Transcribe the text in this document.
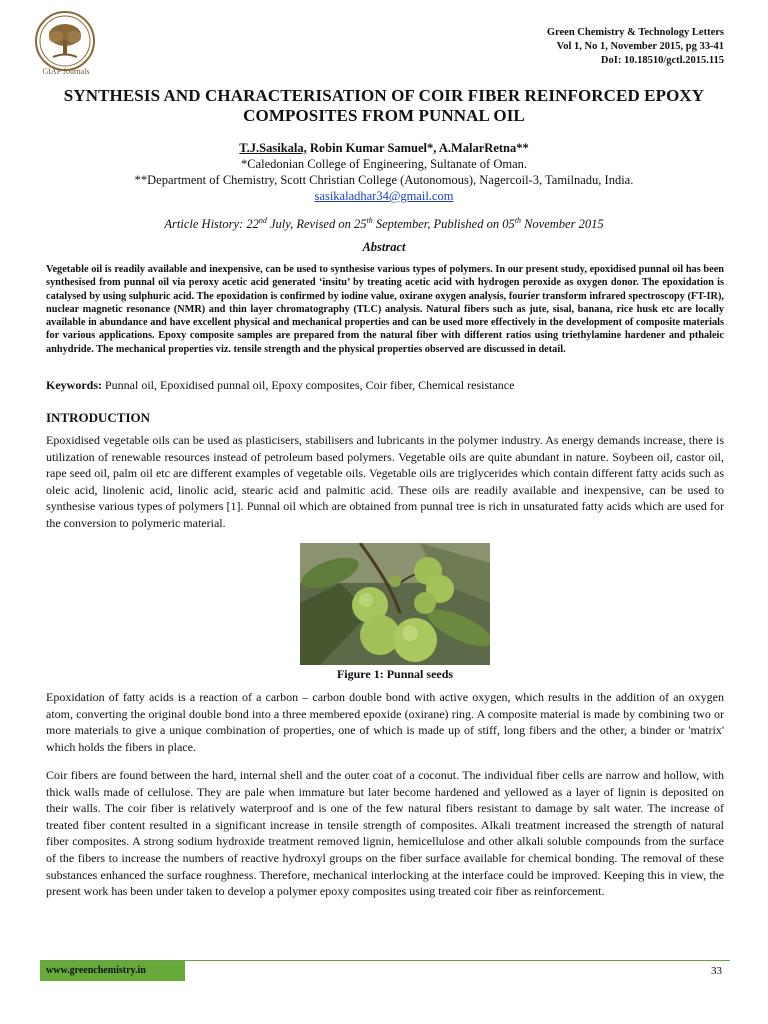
GIAP Journals
Green Chemistry & Technology Letters
Vol 1, No 1, November 2015, pg 33-41
DoI: 10.18510/gctl.2015.115
SYNTHESIS AND CHARACTERISATION OF COIR FIBER REINFORCED EPOXY COMPOSITES FROM PUNNAL OIL
T.J.Sasikala, Robin Kumar Samuel*, A.MalarRetna**
*Caledonian College of Engineering, Sultanate of Oman.
**Department of Chemistry, Scott Christian College (Autonomous), Nagercoil-3, Tamilnadu, India.
sasikaladhar34@gmail.com
Article History: 22nd July, Revised on 25th September, Published on 05th November 2015
Abstract
Vegetable oil is readily available and inexpensive, can be used to synthesise various types of polymers. In our present study, epoxidised punnal oil has been synthesised from punnal oil via peroxy acetic acid generated ‘insitu’ by treating acetic acid with hydrogen peroxide as oxygen donor. The epoxidation is catalysed by using sulphuric acid. The epoxidation is confirmed by iodine value, oxirane oxygen analysis, fourier transform infrared spectroscopy (FT-IR), nuclear magnetic resonance (NMR) and thin layer chromatography (TLC) analysis. Natural fibers such as jute, sisal, banana, rice husk etc are locally available in abundance and have excellent physical and mechanical properties and can be used more effectively in the development of composite materials for various applications. Epoxy composite samples are prepared from the natural fiber with different ratios using triethylamine hardener and pthaleic anhydride. The mechanical properties viz. tensile strength and the physical properties observed are discussed in detail.
Keywords: Punnal oil, Epoxidised punnal oil, Epoxy composites, Coir fiber, Chemical resistance
INTRODUCTION

Epoxidised vegetable oils can be used as plasticisers, stabilisers and lubricants in the polymer industry. As energy demands increase, there is utilization of renewable resources instead of petroleum based polymers. Vegetable oils are quite abundant in nature. Soybeen oil, castor oil, rape seed oil, palm oil etc are different examples of vegetable oils. Vegetable oils are triglycerides which contain different fatty acids such as oleic acid, linolenic acid, linolic acid, stearic acid and palmitic acid. These oils are readily available and inexpensive, can be used to synthesise various types of polymers [1]. Punnal oil which are obtained from punnal tree is rich in unsaturated fatty acids which are used for the conversion to polymeric material.

Figure 1: Punnal seeds

Epoxidation of fatty acids is a reaction of a carbon – carbon double bond with active oxygen, which results in the addition of an oxygen atom, converting the original double bond into a three membered epoxide (oxirane) ring. A composite material is made by combining two or more materials to give a unique combination of properties, one of which is made up of stiff, long fibers and the other, a binder or 'matrix' which holds the fibers in place.

Coir fibers are found between the hard, internal shell and the outer coat of a coconut. The individual fiber cells are narrow and hollow, with thick walls made of cellulose. They are pale when immature but later become hardened and yellowed as a layer of lignin is deposited on their walls. The coir fiber is relatively waterproof and is one of the few natural fibers resistant to damage by salt water. The increase of treated fiber content resulted in a significant increase in tensile strength of composites. Alkali treatment increased the strength of natural fiber composites. A strong sodium hydroxide treatment removed lignin, hemicellulose and other alkali soluble compounds from the surface of the fibers to increase the numbers of reactive hydroxyl groups on the fiber surface available for chemical bonding. The removal of these substances enhanced the surface roughness. Therefore, mechanical interlocking at the interface could be improved. Keeping this in view, the present work has been under taken to develop a polymer epoxy composites using treated coir fiber as reinforcement.

www.greenchemistry.in	33
